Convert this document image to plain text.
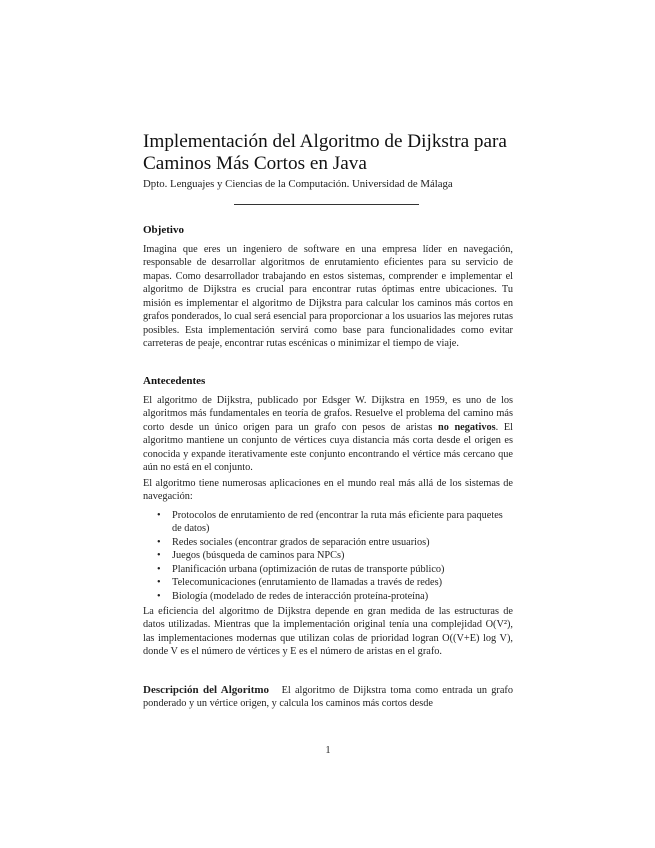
Implementación del Algoritmo de Dijkstra para Caminos Más Cortos en Java
Dpto. Lenguajes y Ciencias de la Computación. Universidad de Málaga
Objetivo

Imagina que eres un ingeniero de software en una empresa líder en navegación, responsable de desarrollar algoritmos de enrutamiento eficientes para su servicio de mapas. Como desarrollador trabajando en estos sistemas, comprender e implementar el algoritmo de Dijkstra es crucial para encontrar rutas óptimas entre ubicaciones. Tu misión es implementar el algoritmo de Dijkstra para calcular los caminos más cortos en grafos ponderados, lo cual será esencial para proporcionar a los usuarios las mejores rutas posibles. Esta implementación servirá como base para funcionalidades como evitar carreteras de peaje, encontrar rutas escénicas o minimizar el tiempo de viaje.

Antecedentes

El algoritmo de Dijkstra, publicado por Edsger W. Dijkstra en 1959, es uno de los algoritmos más fundamentales en teoría de grafos. Resuelve el problema del camino más corto desde un único origen para un grafo con pesos de aristas no negativos. El algoritmo mantiene un conjunto de vértices cuya distancia más corta desde el origen es conocida y expande iterativamente este conjunto encontrando el vértice más cercano que aún no está en el conjunto.

El algoritmo tiene numerosas aplicaciones en el mundo real más allá de los sistemas de navegación:

• Protocolos de enrutamiento de red (encontrar la ruta más eficiente para paquetes de datos)
• Redes sociales (encontrar grados de separación entre usuarios)
• Juegos (búsqueda de caminos para NPCs)
• Planificación urbana (optimización de rutas de transporte público)
• Telecomunicaciones (enrutamiento de llamadas a través de redes)
• Biología (modelado de redes de interacción proteína-proteína)

La eficiencia del algoritmo de Dijkstra depende en gran medida de las estructuras de datos utilizadas. Mientras que la implementación original tenía una complejidad O(V²), las implementaciones modernas que utilizan colas de prioridad logran O((V+E) log V), donde V es el número de vértices y E es el número de aristas en el grafo.

Descripción del Algoritmo El algoritmo de Dijkstra toma como entrada un grafo ponderado y un vértice origen, y calcula los caminos más cortos desde

1
